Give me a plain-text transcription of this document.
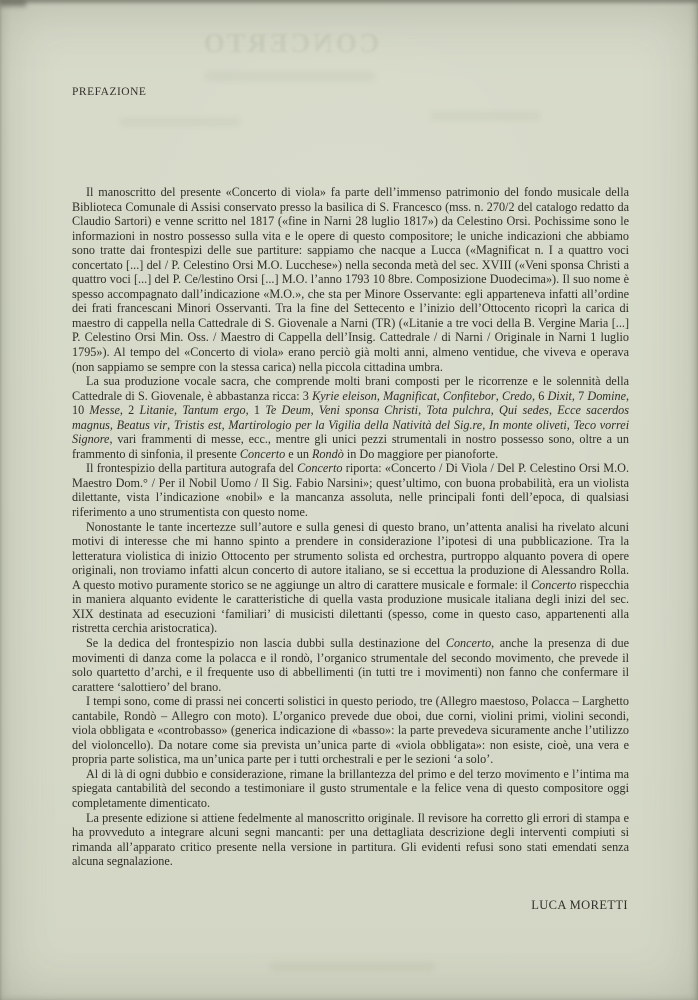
CONCERTO
PREFAZIONE

Il manoscritto del presente «Concerto di viola» fa parte dell’immenso patrimonio del fondo musicale della Biblioteca Comunale di Assisi conservato presso la basilica di S. Francesco (mss. n. 270/2 del catalogo redatto da Claudio Sartori) e venne scritto nel 1817 («fine in Narni 28 luglio 1817») da Celestino Orsi. Pochissime sono le informazioni in nostro possesso sulla vita e le opere di questo compositore; le uniche indicazioni che abbiamo sono tratte dai frontespizi delle sue partiture: sappiamo che nacque a Lucca («Magnificat n. I a quattro voci concertato [...] del / P. Celestino Orsi M.O. Lucchese») nella seconda metà del sec. XVIII («Veni sponsa Christi a quattro voci [...] del P. Ce/lestino Orsi [...] M.O. l’anno 1793 10 8bre. Composizione Duodecima»). Il suo nome è spesso accompagnato dall’indicazione «M.O.», che sta per Minore Osservante: egli apparteneva infatti all’ordine dei frati francescani Minori Osservanti. Tra la fine del Settecento e l’inizio dell’Ottocento ricoprì la carica di maestro di cappella nella Cattedrale di S. Giovenale a Narni (TR) («Litanie a tre voci della B. Vergine Maria [...] P. Celestino Orsi Min. Oss. / Maestro di Cappella dell’Insig. Cattedrale / di Narni / Originale in Narni 1 luglio 1795»). Al tempo del «Concerto di viola» erano perciò già molti anni, almeno ventidue, che viveva e operava (non sappiamo se sempre con la stessa carica) nella piccola cittadina umbra.

La sua produzione vocale sacra, che comprende molti brani composti per le ricorrenze e le solennità della Cattedrale di S. Giovenale, è abbastanza ricca: 3 Kyrie eleison, Magnificat, Confitebor, Credo, 6 Dixit, 7 Domine, 10 Messe, 2 Litanie, Tantum ergo, 1 Te Deum, Veni sponsa Christi, Tota pulchra, Qui sedes, Ecce sacerdos magnus, Beatus vir, Tristis est, Martirologio per la Vigilia della Natività del Sig.re, In monte oliveti, Teco vorrei Signore, vari frammenti di messe, ecc., mentre gli unici pezzi strumentali in nostro possesso sono, oltre a un frammento di sinfonia, il presente Concerto e un Rondò in Do maggiore per pianoforte.

Il frontespizio della partitura autografa del Concerto riporta: «Concerto / Di Viola / Del P. Celestino Orsi M.O. Maestro Dom.° / Per il Nobil Uomo / Il Sig. Fabio Narsini»; quest’ultimo, con buona probabilità, era un violista dilettante, vista l’indicazione «nobil» e la mancanza assoluta, nelle principali fonti dell’epoca, di qualsiasi riferimento a uno strumentista con questo nome.

Nonostante le tante incertezze sull’autore e sulla genesi di questo brano, un’attenta analisi ha rivelato alcuni motivi di interesse che mi hanno spinto a prendere in considerazione l’ipotesi di una pubblicazione. Tra la letteratura violistica di inizio Ottocento per strumento solista ed orchestra, purtroppo alquanto povera di opere originali, non troviamo infatti alcun concerto di autore italiano, se si eccettua la produzione di Alessandro Rolla. A questo motivo puramente storico se ne aggiunge un altro di carattere musicale e formale: il Concerto rispecchia in maniera alquanto evidente le caratteristiche di quella vasta produzione musicale italiana degli inizi del sec. XIX destinata ad esecuzioni ‘familiari’ di musicisti dilettanti (spesso, come in questo caso, appartenenti alla ristretta cerchia aristocratica).

Se la dedica del frontespizio non lascia dubbi sulla destinazione del Concerto, anche la presenza di due movimenti di danza come la polacca e il rondò, l’organico strumentale del secondo movimento, che prevede il solo quartetto d’archi, e il frequente uso di abbellimenti (in tutti tre i movimenti) non fanno che confermare il carattere ‘salottiero’ del brano.

I tempi sono, come di prassi nei concerti solistici in questo periodo, tre (Allegro maestoso, Polacca – Larghetto cantabile, Rondò – Allegro con moto). L’organico prevede due oboi, due corni, violini primi, violini secondi, viola obbligata e «controbasso» (generica indicazione di «basso»: la parte prevedeva sicuramente anche l’utilizzo del violoncello). Da notare come sia prevista un’unica parte di «viola obbligata»: non esiste, cioè, una vera e propria parte solistica, ma un’unica parte per i tutti orchestrali e per le sezioni ‘a solo’.

Al di là di ogni dubbio e considerazione, rimane la brillantezza del primo e del terzo movimento e l’intima ma spiegata cantabilità del secondo a testimoniare il gusto strumentale e la felice vena di questo compositore oggi completamente dimenticato.

La presente edizione si attiene fedelmente al manoscritto originale. Il revisore ha corretto gli errori di stampa e ha provveduto a integrare alcuni segni mancanti: per una dettagliata descrizione degli interventi compiuti si rimanda all’apparato critico presente nella versione in partitura. Gli evidenti refusi sono stati emendati senza alcuna segnalazione.

LUCA MORETTI
